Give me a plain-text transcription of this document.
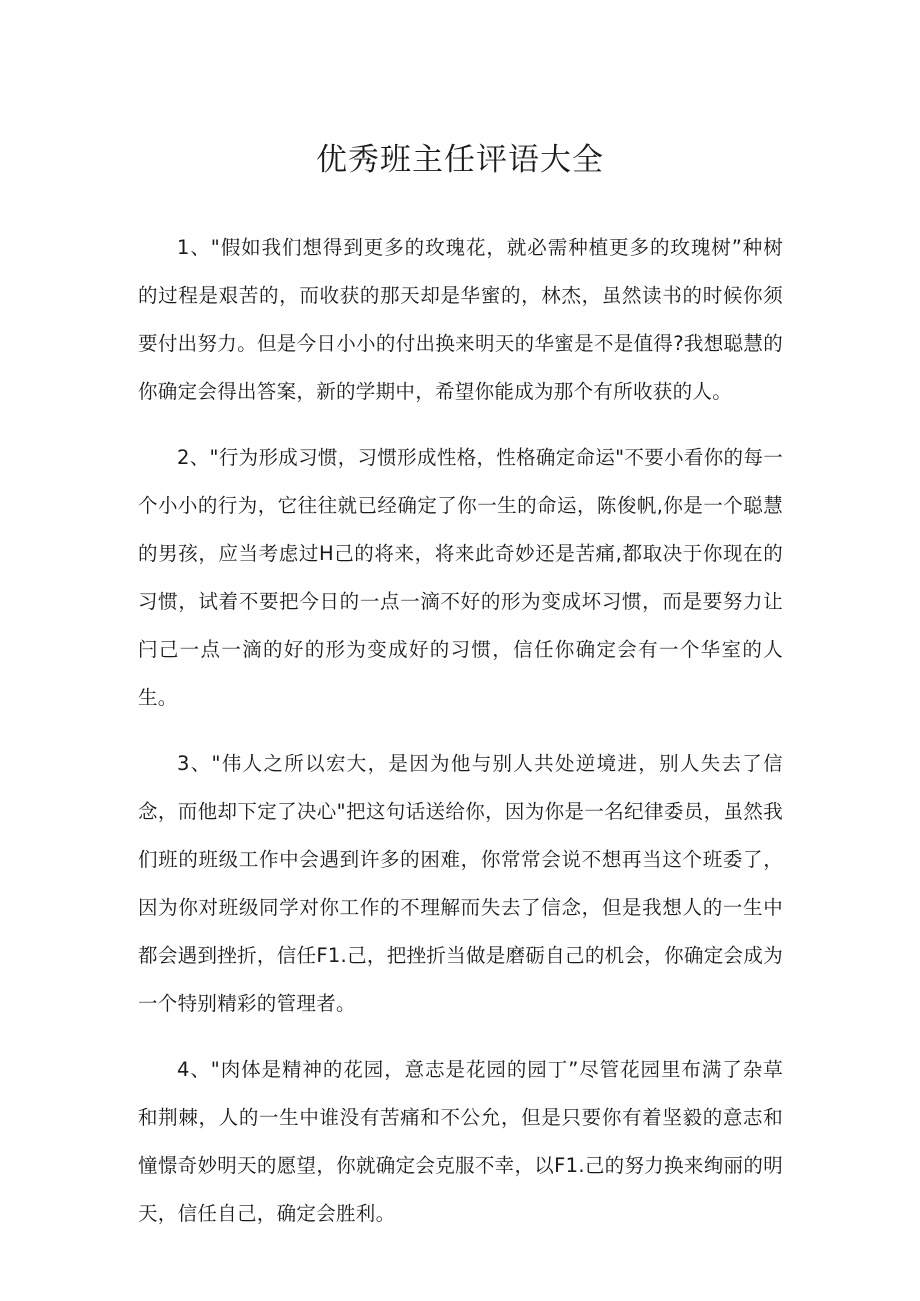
优秀班主任评语大全

1、"假如我们想得到更多的玫瑰花，就必需种植更多的玫瑰树”种树的过程是艰苦的，而收获的那天却是华蜜的，林杰，虽然读书的时候你须要付出努力。但是今日小小的付出换来明天的华蜜是不是值得?我想聪慧的你确定会得出答案，新的学期中，希望你能成为那个有所收获的人。

2、"行为形成习惯，习惯形成性格，性格确定命运"不要小看你的每一个小小的行为，它往往就已经确定了你一生的命运，陈俊帆,你是一个聪慧的男孩，应当考虑过H己的将来，将来此奇妙还是苦痛,都取决于你现在的习惯，试着不要把今日的一点一滴不好的形为变成坏习惯，而是要努力让闩己一点一滴的好的形为变成好的习惯，信任你确定会有一个华室的人生。

3、"伟人之所以宏大，是因为他与别人共处逆境进，别人失去了信念，而他却下定了决心"把这句话送给你，因为你是一名纪律委员，虽然我们班的班级工作中会遇到许多的困难，你常常会说不想再当这个班委了，因为你对班级同学对你工作的不理解而失去了信念，但是我想人的一生中都会遇到挫折，信任F1.己，把挫折当做是磨砺自己的机会，你确定会成为一个特别精彩的管理者。

4、"肉体是精神的花园，意志是花园的园丁”尽管花园里布满了杂草和荆棘，人的一生中谁没有苦痛和不公允，但是只要你有着坚毅的意志和憧憬奇妙明天的愿望，你就确定会克服不幸，以F1.己的努力换来绚丽的明天，信任自己，确定会胜利。
